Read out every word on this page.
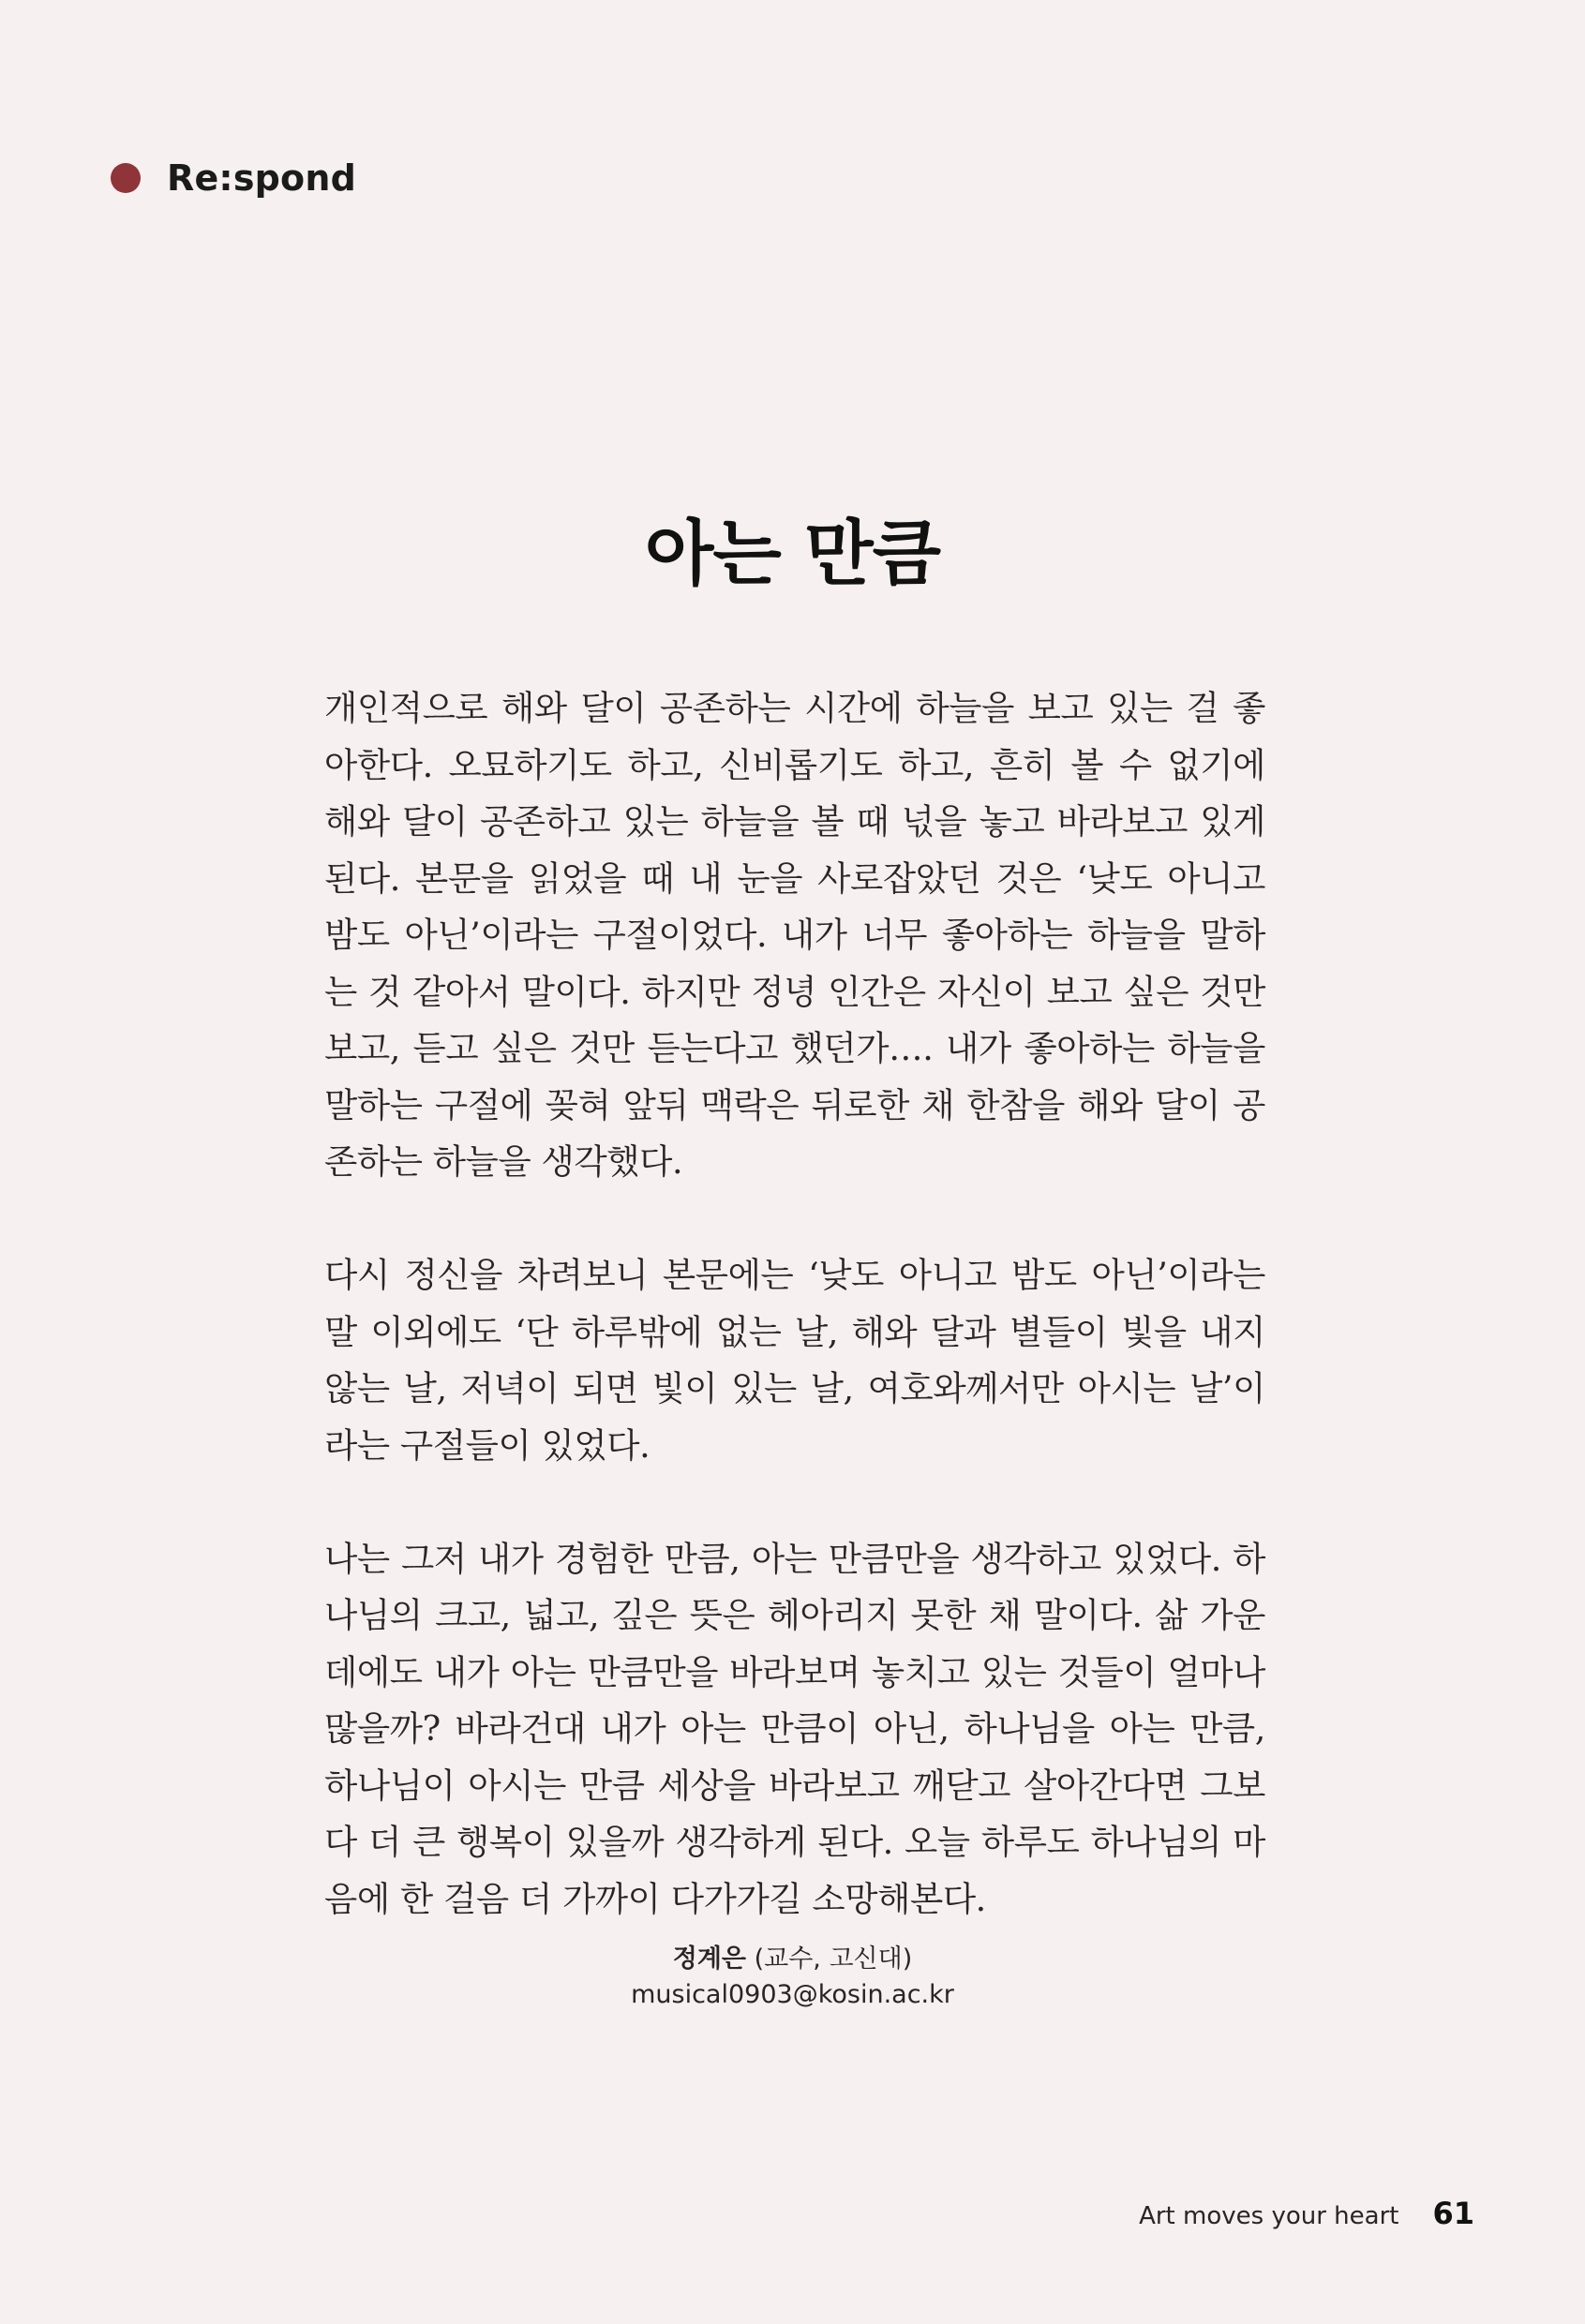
Re:spond
아는 만큼

개인적으로 해와 달이 공존하는 시간에 하늘을 보고 있는 걸 좋아한다. 오묘하기도 하고, 신비롭기도 하고, 흔히 볼 수 없기에 해와 달이 공존하고 있는 하늘을 볼 때 넋을 놓고 바라보고 있게 된다. 본문을 읽었을 때 내 눈을 사로잡았던 것은 ‘낮도 아니고 밤도 아닌’이라는 구절이었다. 내가 너무 좋아하는 하늘을 말하는 것 같아서 말이다. 하지만 정녕 인간은 자신이 보고 싶은 것만 보고, 듣고 싶은 것만 듣는다고 했던가…. 내가 좋아하는 하늘을 말하는 구절에 꽂혀 앞뒤 맥락은 뒤로한 채 한참을 해와 달이 공존하는 하늘을 생각했다.

다시 정신을 차려보니 본문에는 ‘낮도 아니고 밤도 아닌’이라는 말 이외에도 ‘단 하루밖에 없는 날, 해와 달과 별들이 빛을 내지 않는 날, 저녁이 되면 빛이 있는 날, 여호와께서만 아시는 날’이라는 구절들이 있었다.

나는 그저 내가 경험한 만큼, 아는 만큼만을 생각하고 있었다. 하나님의 크고, 넓고, 깊은 뜻은 헤아리지 못한 채 말이다. 삶 가운데에도 내가 아는 만큼만을 바라보며 놓치고 있는 것들이 얼마나 많을까? 바라건대 내가 아는 만큼이 아닌, 하나님을 아는 만큼, 하나님이 아시는 만큼 세상을 바라보고 깨닫고 살아간다면 그보다 더 큰 행복이 있을까 생각하게 된다. 오늘 하루도 하나님의 마음에 한 걸음 더 가까이 다가가길 소망해본다.

정계은 (교수, 고신대)
musical0903@kosin.ac.kr
Art moves your heart 61
